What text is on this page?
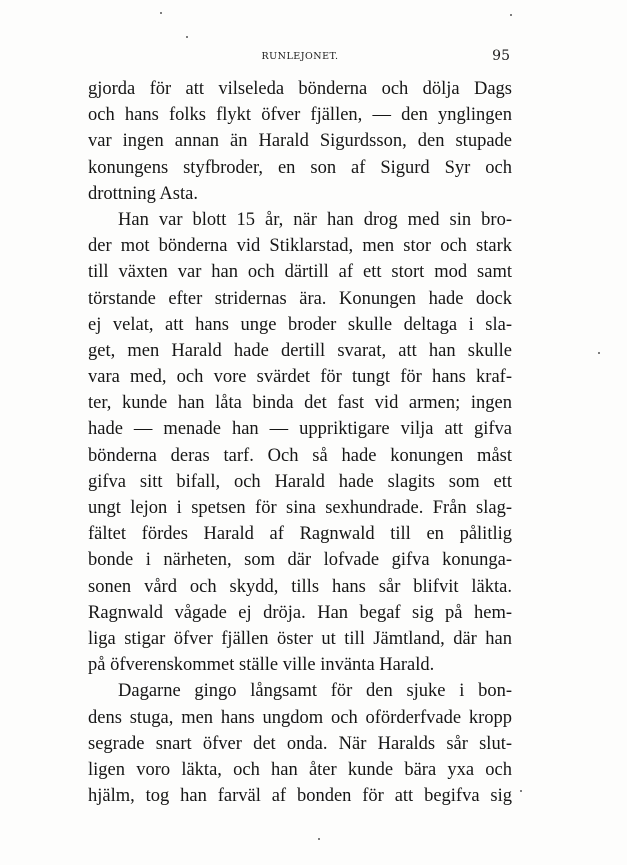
RUNLEJONET.	95
gjorda för att vilseleda bönderna och dölja Dags
och hans folks flykt öfver fjällen, — den ynglingen
var ingen annan än Harald Sigurdsson, den stupade
konungens styfbroder, en son af Sigurd Syr och
drottning Asta.
Han var blott 15 år, när han drog med sin bro-
der mot bönderna vid Stiklarstad, men stor och stark
till växten var han och därtill af ett stort mod samt
törstande efter stridernas ära. Konungen hade dock
ej velat, att hans unge broder skulle deltaga i sla-
get, men Harald hade dertill svarat, att han skulle
vara med, och vore svärdet för tungt för hans kraf-
ter, kunde han låta binda det fast vid armen; ingen
hade — menade han — uppriktigare vilja att gifva
bönderna deras tarf. Och så hade konungen måst
gifva sitt bifall, och Harald hade slagits som ett
ungt lejon i spetsen för sina sexhundrade. Från slag-
fältet fördes Harald af Ragnwald till en pålitlig
bonde i närheten, som där lofvade gifva konunga-
sonen vård och skydd, tills hans sår blifvit läkta.
Ragnwald vågade ej dröja. Han begaf sig på hem-
liga stigar öfver fjällen öster ut till Jämtland, där han
på öfverenskommet ställe ville invänta Harald.
Dagarne gingo långsamt för den sjuke i bon-
dens stuga, men hans ungdom och oförderfvade kropp
segrade snart öfver det onda. När Haralds sår slut-
ligen voro läkta, och han åter kunde bära yxa och
hjälm, tog han farväl af bonden för att begifva sig
